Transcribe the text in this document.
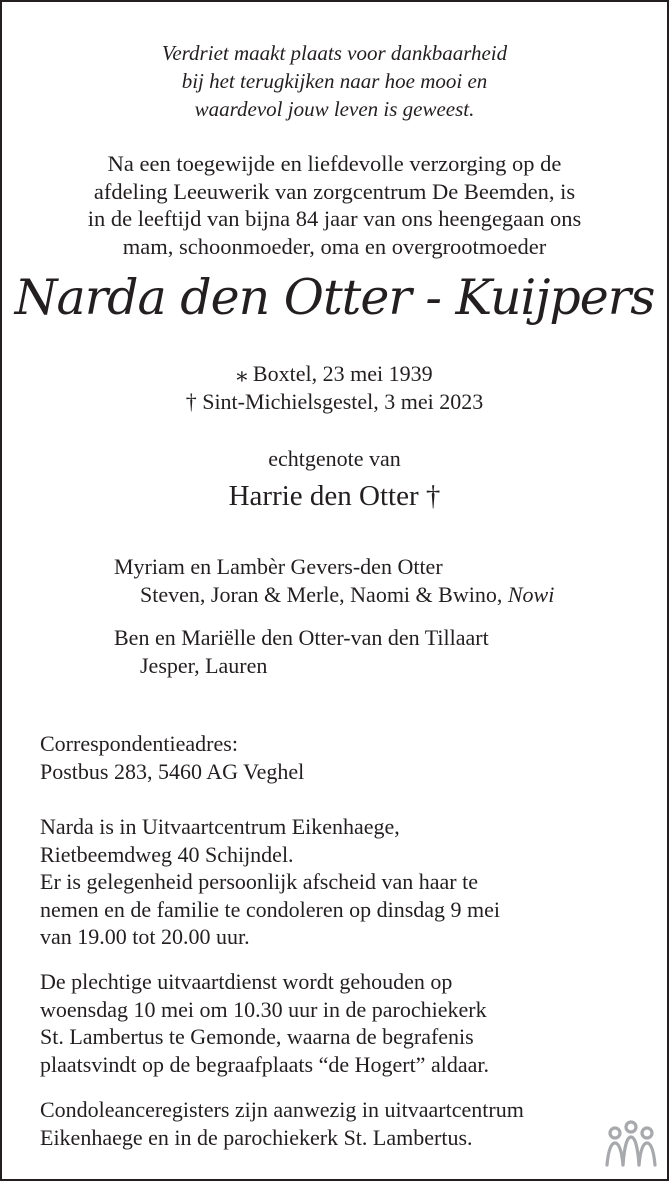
Verdriet maakt plaats voor dankbaarheid
bij het terugkijken naar hoe mooi en
waardevol jouw leven is geweest.
Na een toegewijde en liefdevolle verzorging op de
afdeling Leeuwerik van zorgcentrum De Beemden, is
in de leeftijd van bijna 84 jaar van ons heengegaan ons
mam, schoonmoeder, oma en overgrootmoeder
Narda den Otter - Kuijpers
⁎ Boxtel, 23 mei 1939
† Sint-Michielsgestel, 3 mei 2023
echtgenote van
Harrie den Otter †
Myriam en Lambèr Gevers-den Otter
Steven, Joran & Merle, Naomi & Bwino, Nowi
Ben en Mariëlle den Otter-van den Tillaart
Jesper, Lauren
Correspondentieadres:
Postbus 283, 5460 AG Veghel
Narda is in Uitvaartcentrum Eikenhaege,
Rietbeemdweg 40 Schijndel.
Er is gelegenheid persoonlijk afscheid van haar te
nemen en de familie te condoleren op dinsdag 9 mei
van 19.00 tot 20.00 uur.
De plechtige uitvaartdienst wordt gehouden op
woensdag 10 mei om 10.30 uur in de parochiekerk
St. Lambertus te Gemonde, waarna de begrafenis
plaatsvindt op de begraafplaats “de Hogert” aldaar.
Condoleanceregisters zijn aanwezig in uitvaartcentrum
Eikenhaege en in de parochiekerk St. Lambertus.
